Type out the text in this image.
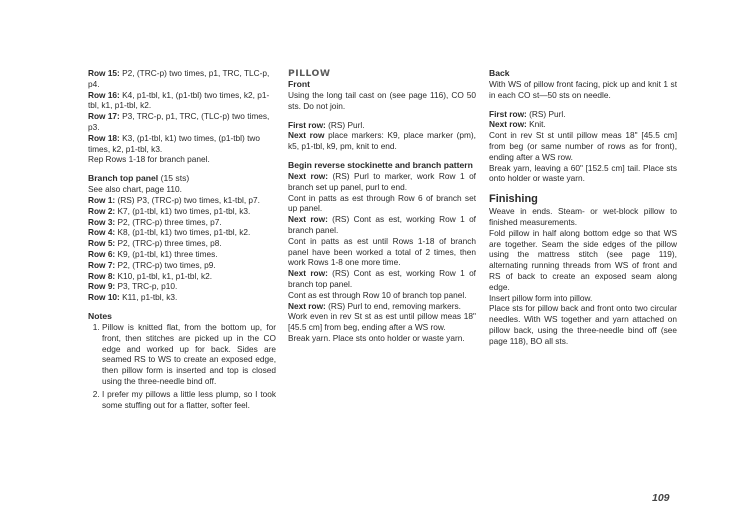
Row 15: P2, (TRC-p) two times, p1, TRC, TLC-p, p4.

Row 16: K4, p1-tbl, k1, (p1-tbl) two times, k2, p1-tbl, k1, p1-tbl, k2.

Row 17: P3, TRC-p, p1, TRC, (TLC-p) two times, p3.

Row 18: K3, (p1-tbl, k1) two times, (p1-tbl) two times, k2, p1-tbl, k3.

Rep Rows 1-18 for branch panel.

Branch top panel (15 sts)

See also chart, page 110.

Row 1: (RS) P3, (TRC-p) two times, k1-tbl, p7.

Row 2: K7, (p1-tbl, k1) two times, p1-tbl, k3.

Row 3: P2, (TRC-p) three times, p7.

Row 4: K8, (p1-tbl, k1) two times, p1-tbl, k2.

Row 5: P2, (TRC-p) three times, p8.

Row 6: K9, (p1-tbl, k1) three times.

Row 7: P2, (TRC-p) two times, p9.

Row 8: K10, p1-tbl, k1, p1-tbl, k2.

Row 9: P3, TRC-p, p10.

Row 10: K11, p1-tbl, k3.

Notes
1. Pillow is knitted flat, from the bottom up, for front, then stitches are picked up in the CO edge and worked up for back. Sides are seamed RS to WS to create an exposed edge, then pillow form is inserted and top is closed using the three-needle bind off.
2. I prefer my pillows a little less plump, so I took some stuffing out for a flatter, softer feel.
PILLOW
Front

Using the long tail cast on (see page 116), CO 50 sts. Do not join.

First row: (RS) Purl.

Next row place markers: K9, place marker (pm), k5, p1-tbl, k9, pm, knit to end.

Begin reverse stockinette and branch pattern

Next row: (RS) Purl to marker, work Row 1 of branch set up panel, purl to end.

Cont in patts as est through Row 6 of branch set up panel.

Next row: (RS) Cont as est, working Row 1 of branch panel.

Cont in patts as est until Rows 1-18 of branch panel have been worked a total of 2 times, then work Rows 1-8 one more time.

Next row: (RS) Cont as est, working Row 1 of branch top panel.

Cont as est through Row 10 of branch top panel.

Next row: (RS) Purl to end, removing markers.

Work even in rev St st as est until pillow meas 18" [45.5 cm] from beg, ending after a WS row.

Break yarn. Place sts onto holder or waste yarn.

Back

With WS of pillow front facing, pick up and knit 1 st in each CO st—50 sts on needle.

First row: (RS) Purl.

Next row: Knit.

Cont in rev St st until pillow meas 18" [45.5 cm] from beg (or same number of rows as for front), ending after a WS row.

Break yarn, leaving a 60" [152.5 cm] tail. Place sts onto holder or waste yarn.

Finishing

Weave in ends. Steam- or wet-block pillow to finished measurements.

Fold pillow in half along bottom edge so that WS are together. Seam the side edges of the pillow using the mattress stitch (see page 119), alternating running threads from WS of front and RS of back to create an exposed seam along edge.

Insert pillow form into pillow.

Place sts for pillow back and front onto two circular needles. With WS together and yarn attached on pillow back, using the three-needle bind off (see page 118), BO all sts.

109
